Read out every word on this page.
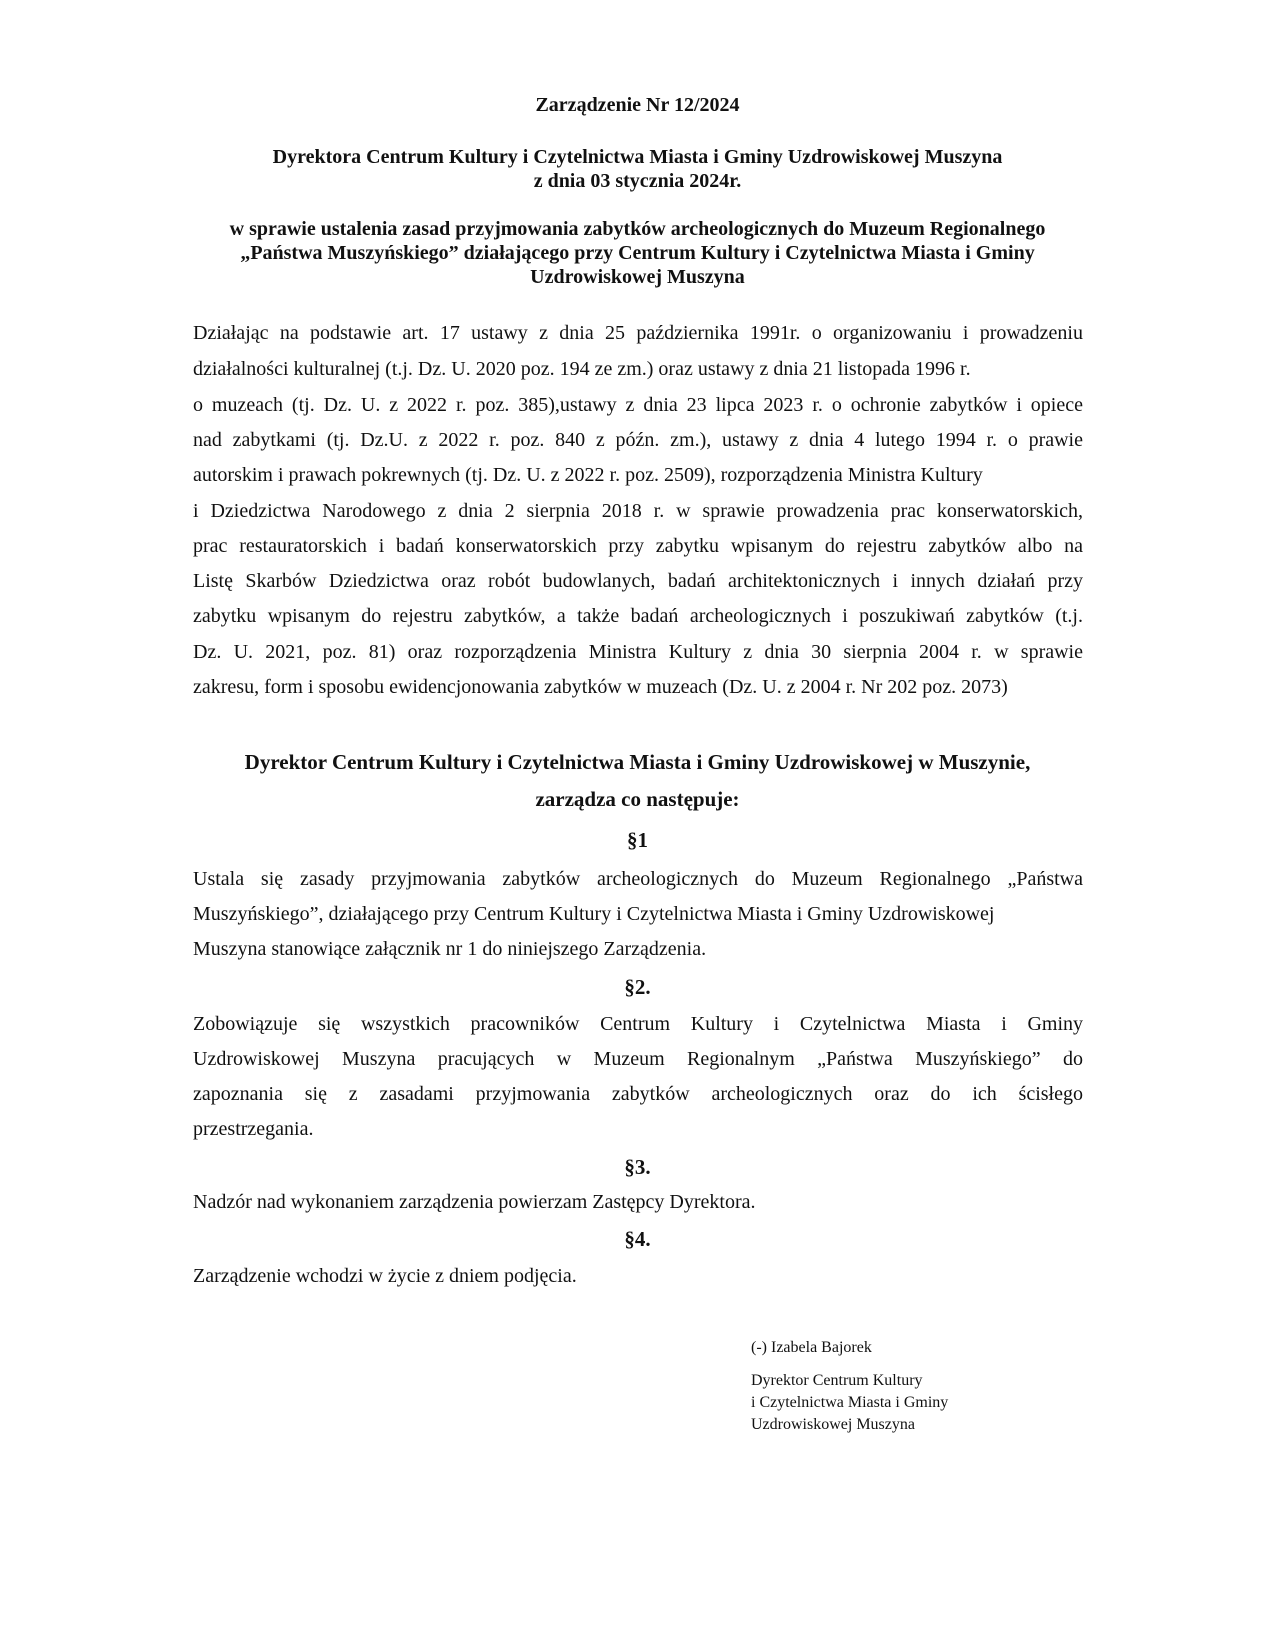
Zarządzenie Nr 12/2024
Dyrektora Centrum Kultury i Czytelnictwa Miasta i Gminy Uzdrowiskowej Muszyna
z dnia 03 stycznia 2024r.
w sprawie ustalenia zasad przyjmowania zabytków archeologicznych do Muzeum Regionalnego
„Państwa Muszyńskiego” działającego przy Centrum Kultury i Czytelnictwa Miasta i Gminy
Uzdrowiskowej Muszyna
Działając na podstawie art. 17 ustawy z dnia 25 października 1991r. o organizowaniu i prowadzeniu
działalności kulturalnej (t.j. Dz. U. 2020 poz. 194 ze zm.) oraz ustawy z dnia 21 listopada 1996 r.
o muzeach (tj. Dz. U. z 2022 r. poz. 385),ustawy z dnia 23 lipca 2023 r. o ochronie zabytków i opiece
nad zabytkami (tj. Dz.U. z 2022 r. poz. 840 z późn. zm.), ustawy z dnia 4 lutego 1994 r. o prawie
autorskim i prawach pokrewnych (tj. Dz. U. z 2022 r. poz. 2509), rozporządzenia Ministra Kultury
i Dziedzictwa Narodowego z dnia 2 sierpnia 2018 r. w sprawie prowadzenia prac konserwatorskich,
prac restauratorskich i badań konserwatorskich przy zabytku wpisanym do rejestru zabytków albo na
Listę Skarbów Dziedzictwa oraz robót budowlanych, badań architektonicznych i innych działań przy
zabytku wpisanym do rejestru zabytków, a także badań archeologicznych i poszukiwań zabytków (t.j.
Dz. U. 2021, poz. 81) oraz rozporządzenia Ministra Kultury z dnia 30 sierpnia 2004 r. w sprawie
zakresu, form i sposobu ewidencjonowania zabytków w muzeach (Dz. U. z 2004 r. Nr 202 poz. 2073)
Dyrektor Centrum Kultury i Czytelnictwa Miasta i Gminy Uzdrowiskowej w Muszynie,
zarządza co następuje:
§1
Ustala się zasady przyjmowania zabytków archeologicznych do Muzeum Regionalnego „Państwa
Muszyńskiego”, działającego przy Centrum Kultury i Czytelnictwa Miasta i Gminy Uzdrowiskowej
Muszyna stanowiące załącznik nr 1 do niniejszego Zarządzenia.
§2.
Zobowiązuje się wszystkich pracowników Centrum Kultury i Czytelnictwa Miasta i Gminy
Uzdrowiskowej Muszyna pracujących w Muzeum Regionalnym „Państwa Muszyńskiego” do
zapoznania się z zasadami przyjmowania zabytków archeologicznych oraz do ich ścisłego
przestrzegania.
§3.
Nadzór nad wykonaniem zarządzenia powierzam Zastępcy Dyrektora.
§4.
Zarządzenie wchodzi w życie z dniem podjęcia.
(-) Izabela Bajorek
Dyrektor Centrum Kultury
i Czytelnictwa Miasta i Gminy
Uzdrowiskowej Muszyna
